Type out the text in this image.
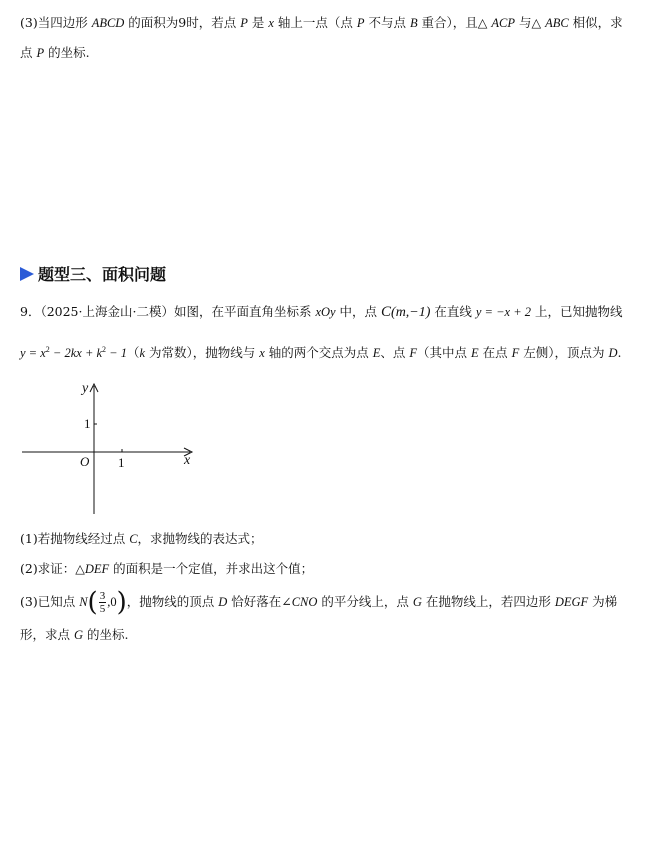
(3)当四边形 ABCD 的面积为9时，若点 P 是 x 轴上一点（点 P 不与点 B 重合），且△ ACP 与△ ABC 相似，求
点 P 的坐标.
题型三、面积问题
9．（2025·上海金山·二模）如图，在平面直角坐标系 xOy 中，点 C(m,−1) 在直线 y = −x + 2 上，已知抛物线
$y = x^2 - 2kx + k^2 - 1(k$ 为常数），抛物线与 x 轴的两个交点为点 E、点 F（其中点 E 在点 F 左侧），顶点为 D.
y
x
O 1
1
(1)若抛物线经过点 C，求抛物线的表达式；
(2)求证：△DEF 的面积是一个定值，并求出这个值；
(3)已知点 $N( \frac{3}{5} ,0)$，抛物线的顶点 D 恰好落在∠CNO 的平分线上，点 G 在抛物线上，若四边形 DEGF 为梯
形，求点 G 的坐标.
